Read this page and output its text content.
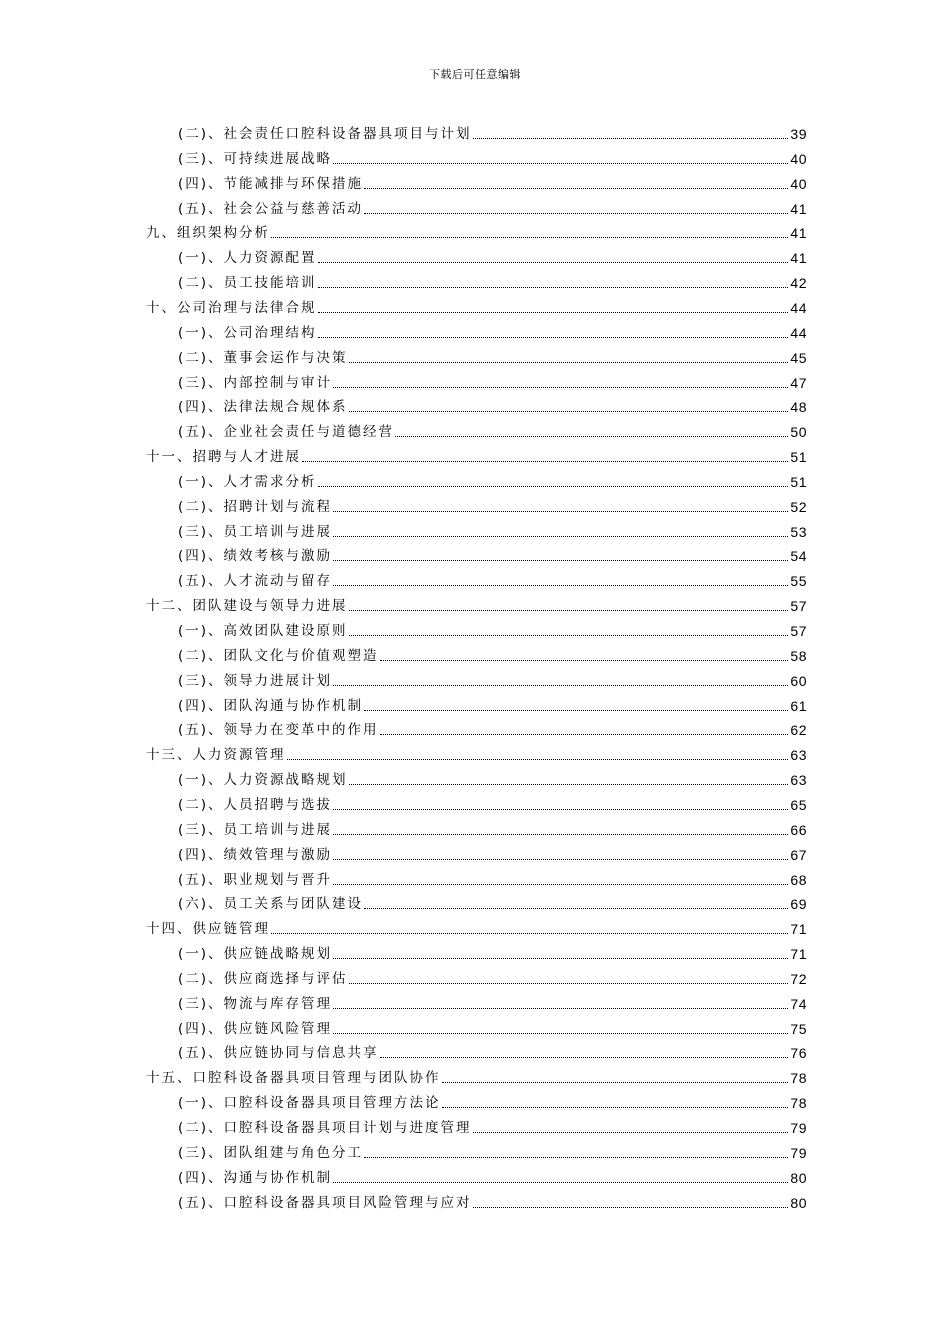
下载后可任意编辑
(二)、社会责任口腔科设备器具项目与计划	39
(三)、可持续进展战略	40
(四)、节能减排与环保措施	40
(五)、社会公益与慈善活动	41
九、组织架构分析	41
(一)、人力资源配置	41
(二)、员工技能培训	42
十、公司治理与法律合规	44
(一)、公司治理结构	44
(二)、董事会运作与决策	45
(三)、内部控制与审计	47
(四)、法律法规合规体系	48
(五)、企业社会责任与道德经营	50
十一、招聘与人才进展	51
(一)、人才需求分析	51
(二)、招聘计划与流程	52
(三)、员工培训与进展	53
(四)、绩效考核与激励	54
(五)、人才流动与留存	55
十二、团队建设与领导力进展	57
(一)、高效团队建设原则	57
(二)、团队文化与价值观塑造	58
(三)、领导力进展计划	60
(四)、团队沟通与协作机制	61
(五)、领导力在变革中的作用	62
十三、人力资源管理	63
(一)、人力资源战略规划	63
(二)、人员招聘与选拔	65
(三)、员工培训与进展	66
(四)、绩效管理与激励	67
(五)、职业规划与晋升	68
(六)、员工关系与团队建设	69
十四、供应链管理	71
(一)、供应链战略规划	71
(二)、供应商选择与评估	72
(三)、物流与库存管理	74
(四)、供应链风险管理	75
(五)、供应链协同与信息共享	76
十五、口腔科设备器具项目管理与团队协作	78
(一)、口腔科设备器具项目管理方法论	78
(二)、口腔科设备器具项目计划与进度管理	79
(三)、团队组建与角色分工	79
(四)、沟通与协作机制	80
(五)、口腔科设备器具项目风险管理与应对	80
